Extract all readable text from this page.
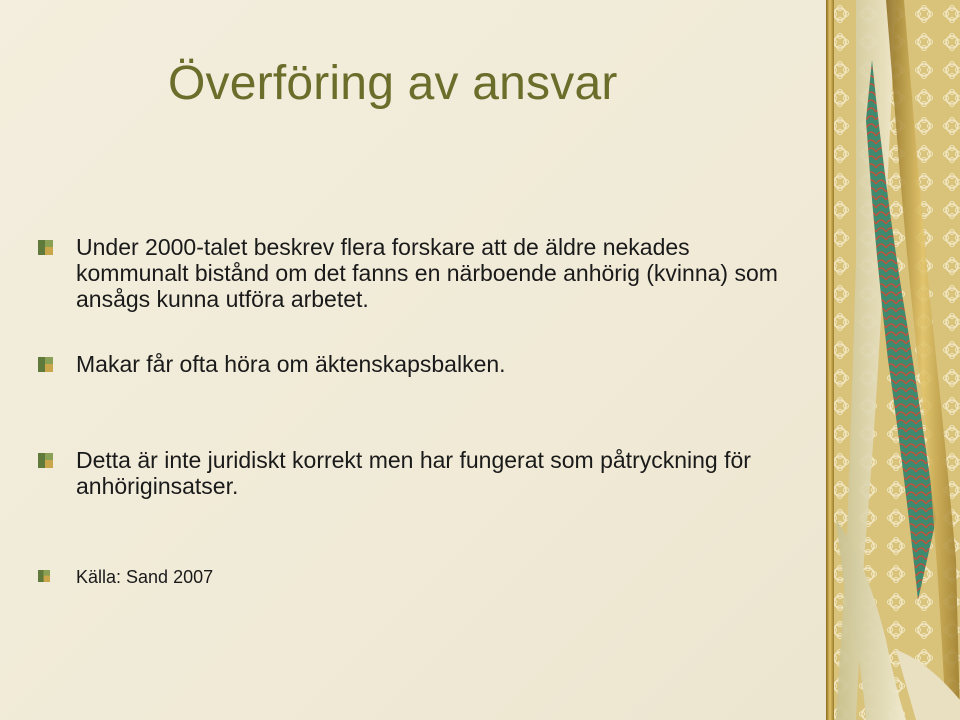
Överföring av ansvar
Under 2000-talet beskrev flera forskare att de äldre nekades kommunalt bistånd om det fanns en närboende anhörig (kvinna) som ansågs kunna utföra arbetet.
Makar får ofta höra om äktenskapsbalken.
Detta är inte juridiskt korrekt men har fungerat som påtryckning för anhöriginsatser.
Källa: Sand 2007
